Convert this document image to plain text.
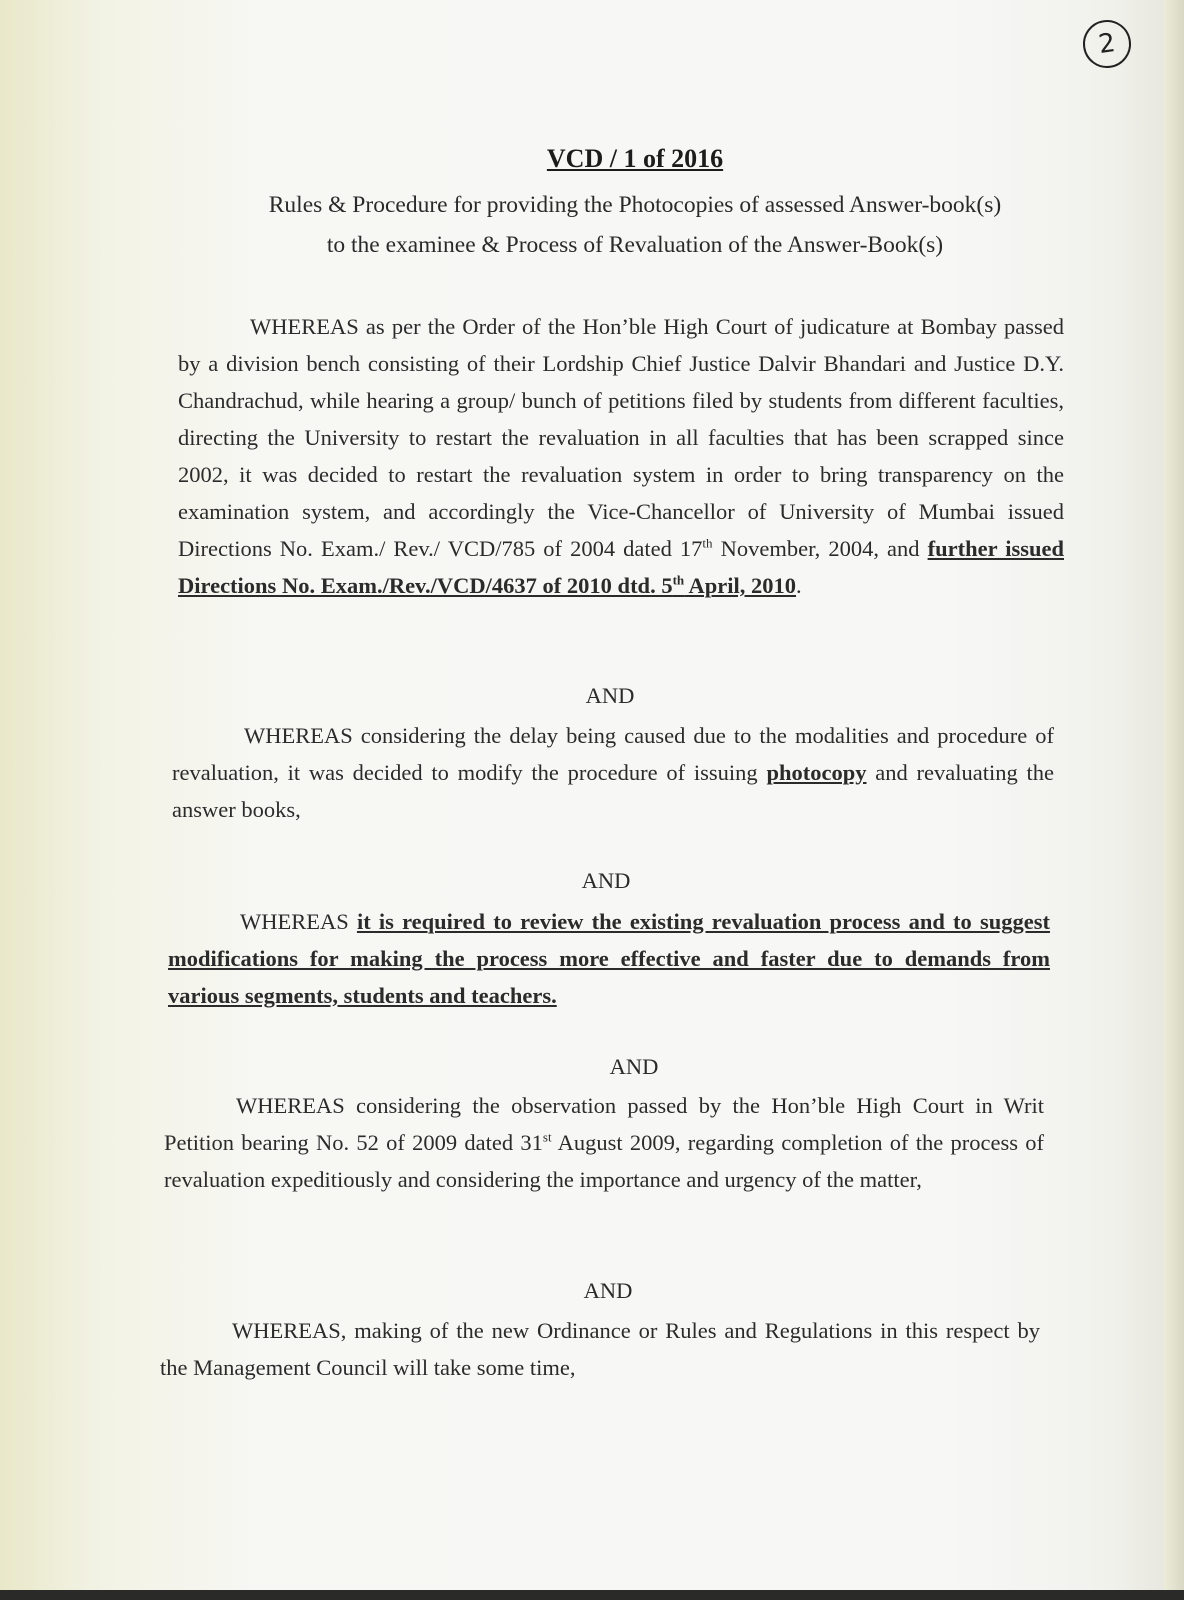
2
VCD / 1 of 2016

Rules & Procedure for providing the Photocopies of assessed Answer-book(s)

to the examinee & Process of Revaluation of the Answer-Book(s)

WHEREAS as per the Order of the Hon’ble High Court of judicature at Bombay passed by a division bench consisting of their Lordship Chief Justice Dalvir Bhandari and Justice D.Y. Chandrachud, while hearing a group/ bunch of petitions filed by students from different faculties, directing the University to restart the revaluation in all faculties that has been scrapped since 2002, it was decided to restart the revaluation system in order to bring transparency on the examination system, and accordingly the Vice-Chancellor of University of Mumbai issued Directions No. Exam./ Rev./ VCD/785 of 2004 dated 17th November, 2004, and further issued Directions No. Exam./Rev./VCD/4637 of 2010 dtd. 5th April, 2010.

AND

WHEREAS considering the delay being caused due to the modalities and procedure of revaluation, it was decided to modify the procedure of issuing photocopy and revaluating the answer books,

AND

WHEREAS it is required to review the existing revaluation process and to suggest modifications for making the process more effective and faster due to demands from various segments, students and teachers.

AND

WHEREAS considering the observation passed by the Hon’ble High Court in Writ Petition bearing No. 52 of 2009 dated 31st August 2009, regarding completion of the process of revaluation expeditiously and considering the importance and urgency of the matter,

AND

WHEREAS, making of the new Ordinance or Rules and Regulations in this respect by the Management Council will take some time,
